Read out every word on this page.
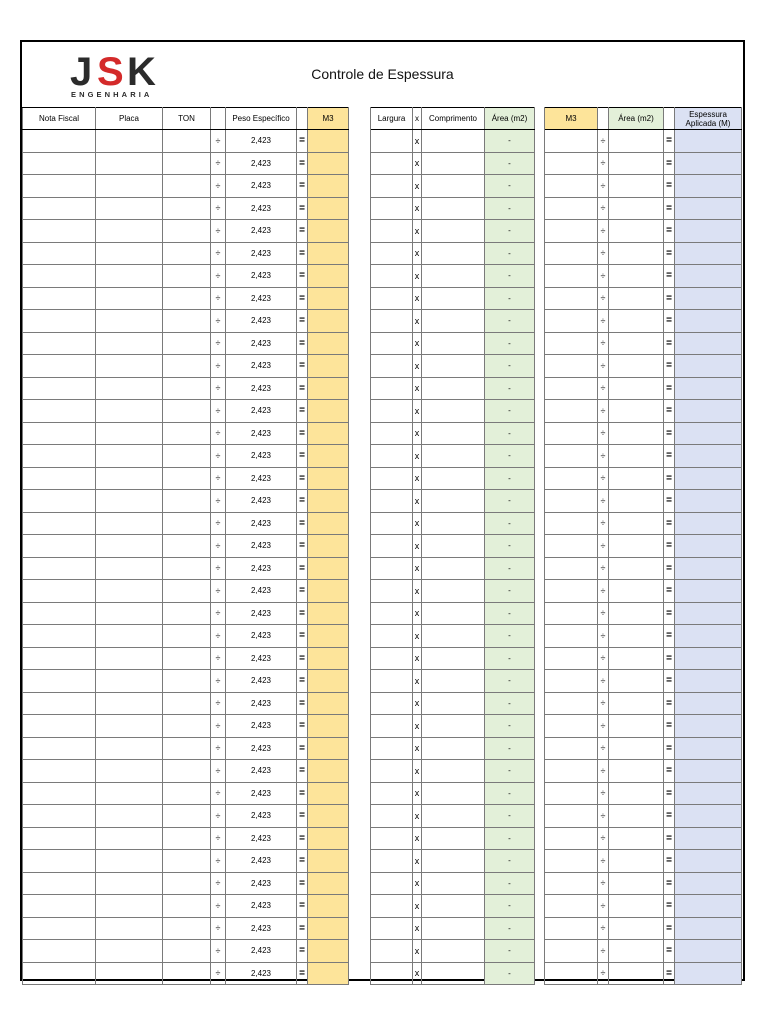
J S K
ENGENHARIA
Controle de Espessura
Nota Fiscal	Placa	TON		Peso Específico		M3		Largura	x	Comprimento	Área (m2)		M3		Área (m2)		Espessura Aplicada (M)
			÷	2,423	=				x		-			÷		=	
			÷	2,423	=				x		-			÷		=	
			÷	2,423	=				x		-			÷		=	
			÷	2,423	=				x		-			÷		=	
			÷	2,423	=				x		-			÷		=	
			÷	2,423	=				x		-			÷		=	
			÷	2,423	=				x		-			÷		=	
			÷	2,423	=				x		-			÷		=	
			÷	2,423	=				x		-			÷		=	
			÷	2,423	=				x		-			÷		=	
			÷	2,423	=				x		-			÷		=	
			÷	2,423	=				x		-			÷		=	
			÷	2,423	=				x		-			÷		=	
			÷	2,423	=				x		-			÷		=	
			÷	2,423	=				x		-			÷		=	
			÷	2,423	=				x		-			÷		=	
			÷	2,423	=				x		-			÷		=	
			÷	2,423	=				x		-			÷		=	
			÷	2,423	=				x		-			÷		=	
			÷	2,423	=				x		-			÷		=	
			÷	2,423	=				x		-			÷		=	
			÷	2,423	=				x		-			÷		=	
			÷	2,423	=				x		-			÷		=	
			÷	2,423	=				x		-			÷		=	
			÷	2,423	=				x		-			÷		=	
			÷	2,423	=				x		-			÷		=	
			÷	2,423	=				x		-			÷		=	
			÷	2,423	=				x		-			÷		=	
			÷	2,423	=				x		-			÷		=	
			÷	2,423	=				x		-			÷		=	
			÷	2,423	=				x		-			÷		=	
			÷	2,423	=				x		-			÷		=	
			÷	2,423	=				x		-			÷		=	
			÷	2,423	=				x		-			÷		=	
			÷	2,423	=				x		-			÷		=	
			÷	2,423	=				x		-			÷		=	
			÷	2,423	=				x		-			÷		=	
			÷	2,423	=				x		-			÷		=	
